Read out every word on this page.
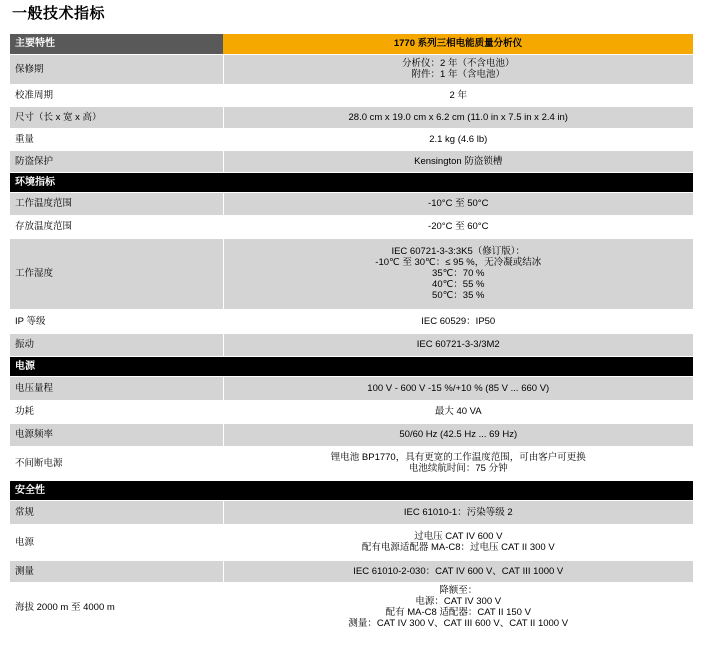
一般技术指标
主要特性	1770 系列三相电能质量分析仪
保修期	分析仪：2 年（不含电池）
附件：1 年（含电池）

校准周期	2 年

尺寸（长 x 宽 x 高）	28.0 cm x 19.0 cm x 6.2 cm (11.0 in x 7.5 in x 2.4 in)

重量	2.1 kg (4.6 lb)

防盗保护	Kensington 防盗锁槽

环境指标	
工作温度范围	-10°C 至 50°C

存放温度范围	-20°C 至 60°C

工作湿度	IEC 60721-3-3:3K5（修订版）：
-10℃ 至 30℃：≤ 95 %，无冷凝或结冰
35℃：70 %
40℃：55 %
50℃：35 %

IP 等级	IEC 60529：IP50

振动	IEC 60721-3-3/3M2

电源	
电压量程	100 V - 600 V -15 %/+10 % (85 V ... 660 V)

功耗	最大 40 VA

电源频率	50/60 Hz (42.5 Hz ... 69 Hz)

不间断电源	锂电池 BP1770，具有更宽的工作温度范围，可由客户可更换
电池续航时间：75 分钟

安全性	
常规	IEC 61010-1：污染等级 2

电源	过电压 CAT IV 600 V
配有电源适配器 MA-C8：过电压 CAT II 300 V

测量	IEC 61010-2-030：CAT IV 600 V、CAT III 1000 V

海拔 2000 m 至 4000 m	降额至：
电源：CAT IV 300 V
配有 MA-C8 适配器：CAT II 150 V
测量：CAT IV 300 V、CAT III 600 V、CAT II 1000 V
